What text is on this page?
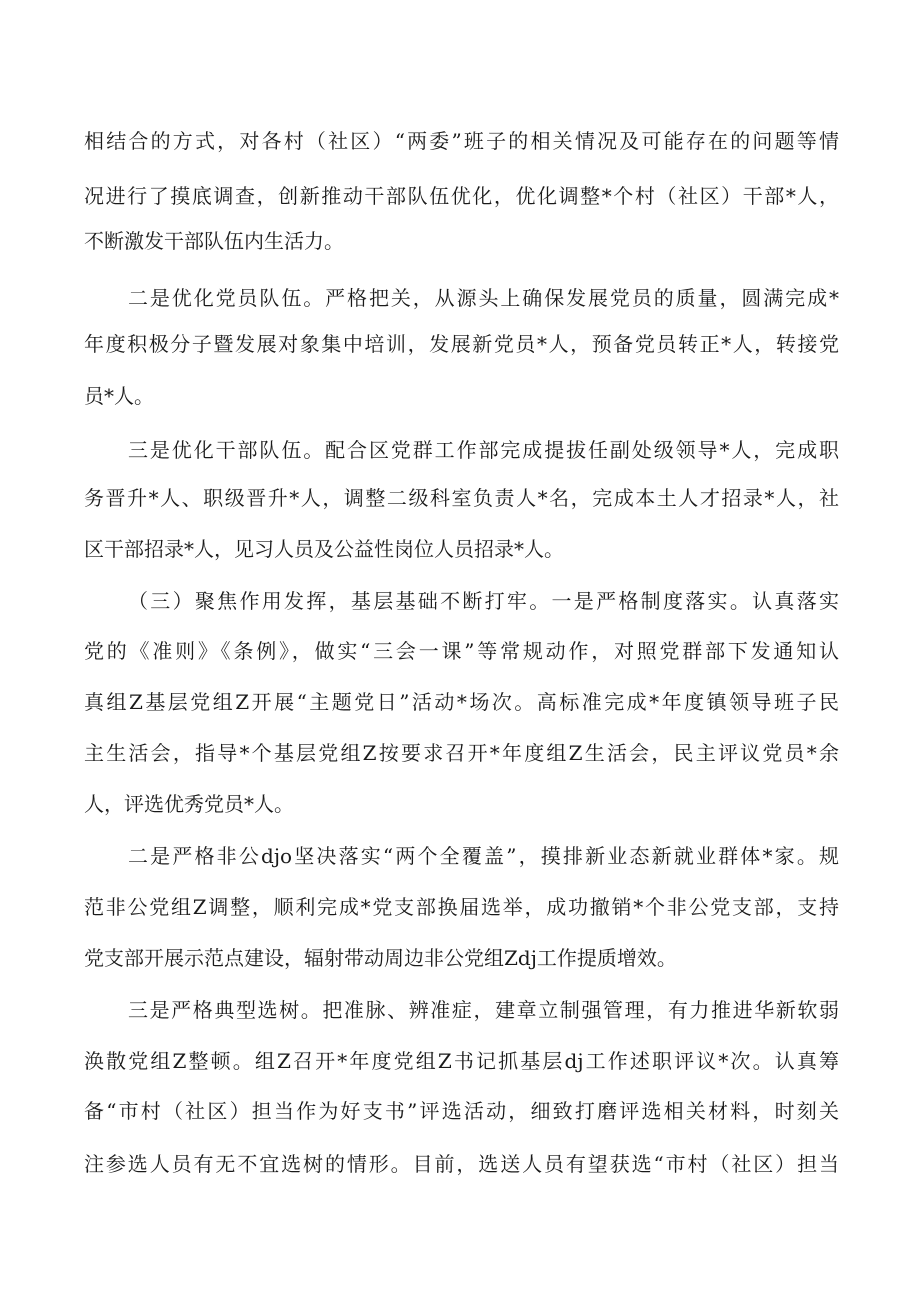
相结合的方式，对各村（社区）“两委”班子的相关情况及可能存在的问题等情
况进行了摸底调查，创新推动干部队伍优化，优化调整*个村（社区）干部*人，
不断激发干部队伍内生活力。
二是优化党员队伍。严格把关，从源头上确保发展党员的质量，圆满完成*
年度积极分子暨发展对象集中培训，发展新党员*人，预备党员转正*人，转接党
员*人。
三是优化干部队伍。配合区党群工作部完成提拔任副处级领导*人，完成职
务晋升*人、职级晋升*人，调整二级科室负责人*名，完成本土人才招录*人，社
区干部招录*人，见习人员及公益性岗位人员招录*人。
（三）聚焦作用发挥，基层基础不断打牢。一是严格制度落实。认真落实
党的《准则》《条例》，做实“三会一课”等常规动作，对照党群部下发通知认
真组Z基层党组Z开展“主题党日”活动*场次。高标准完成*年度镇领导班子民
主生活会，指导*个基层党组Z按要求召开*年度组Z生活会，民主评议党员*余
人，评选优秀党员*人。
二是严格非公djo坚决落实“两个全覆盖”，摸排新业态新就业群体*家。规
范非公党组Z调整，顺利完成*党支部换届选举，成功撤销*个非公党支部，支持
党支部开展示范点建设，辐射带动周边非公党组Zdj工作提质增效。
三是严格典型选树。把准脉、辨准症，建章立制强管理，有力推进华新软弱
涣散党组Z整顿。组Z召开*年度党组Z书记抓基层dj工作述职评议*次。认真筹
备“市村（社区）担当作为好支书”评选活动，细致打磨评选相关材料，时刻关
注参选人员有无不宜选树的情形。目前，选送人员有望获选“市村（社区）担当
